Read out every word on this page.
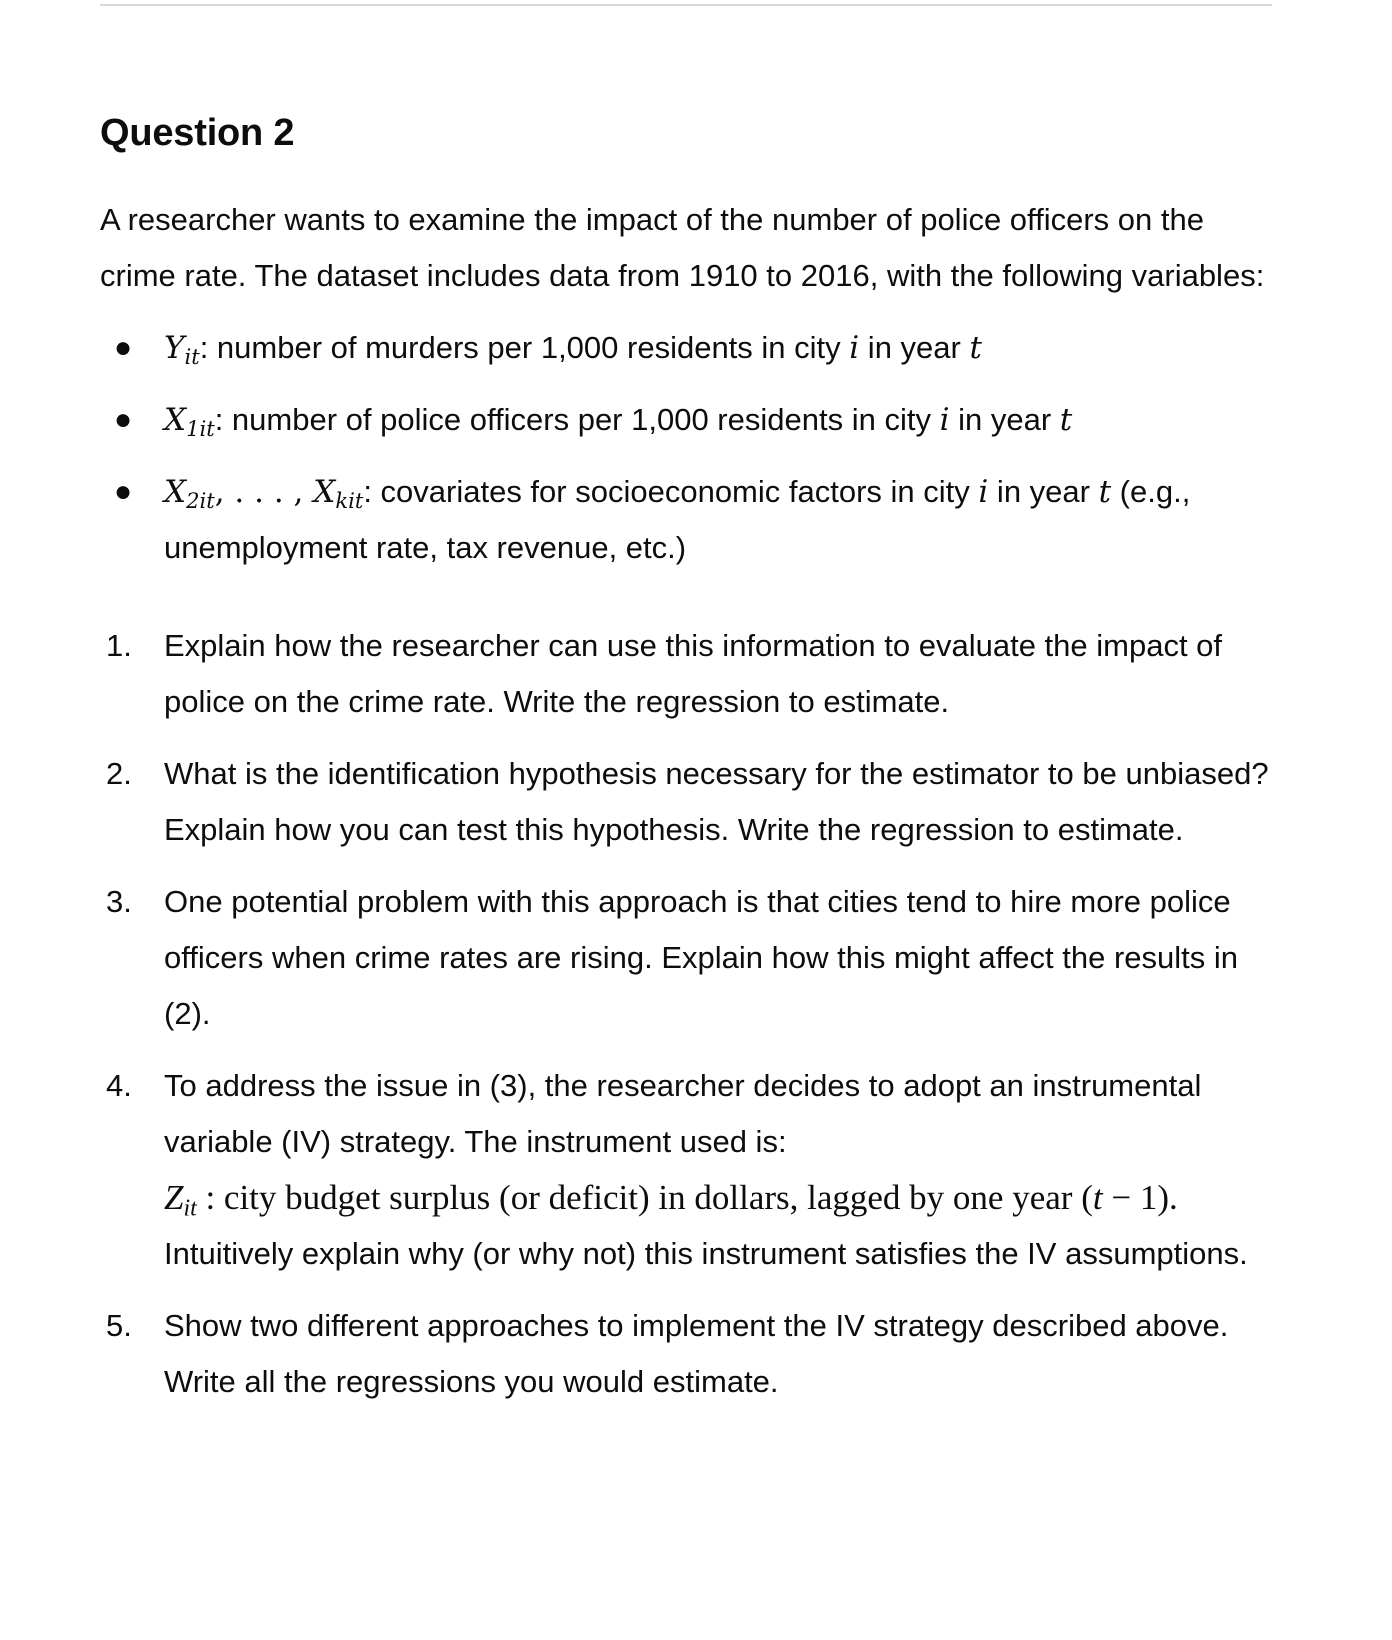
Question 2

A researcher wants to examine the impact of the number of police officers on the crime rate. The dataset includes data from 1910 to 2016, with the following variables:

● $Y_{it}$: number of murders per 1,000 residents in city i in year t
● $X_{1it}$: number of police officers per 1,000 residents in city i in year t
● $X_{2it}$, . . . , $X_{kit}$: covariates for socioeconomic factors in city i in year t (e.g., unemployment rate, tax revenue, etc.)
1. Explain how the researcher can use this information to evaluate the impact of police on the crime rate. Write the regression to estimate.
2. What is the identification hypothesis necessary for the estimator to be unbiased? Explain how you can test this hypothesis. Write the regression to estimate.
3. One potential problem with this approach is that cities tend to hire more police officers when crime rates are rising. Explain how this might affect the results in (2).
4. To address the issue in (3), the researcher decides to adopt an instrumental variable (IV) strategy. The instrument used is:
$Z_{it}$ : city budget surplus (or deficit) in dollars, lagged by one year (t − 1).
Intuitively explain why (or why not) this instrument satisfies the IV assumptions.
5. Show two different approaches to implement the IV strategy described above. Write all the regressions you would estimate.
